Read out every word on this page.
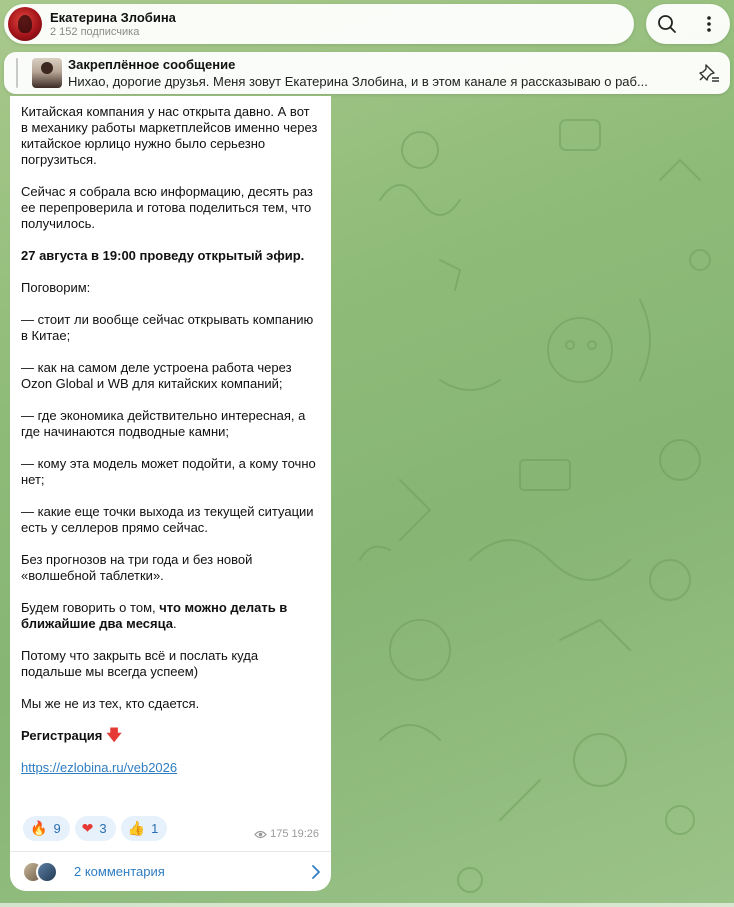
Екатерина Злобина
2 152 подписчика
Закреплённое сообщение
Нихао, дорогие друзья. Меня зовут Екатерина Злобина, и в этом канале я рассказываю о раб...

Китайская компания у нас открыта давно. А вот в механику работы маркетплейсов именно через китайское юрлицо нужно было серьезно погрузиться.

Сейчас я собрала всю информацию, десять раз ее перепроверила и готова поделиться тем, что получилось.

27 августа в 19:00 проведу открытый эфир.

Поговорим:

— стоит ли вообще сейчас открывать компанию в Китае;

— как на самом деле устроена работа через Ozon Global и WB для китайских компаний;

— где экономика действительно интересная, а где начинаются подводные камни;

— кому эта модель может подойти, а кому точно нет;

— какие еще точки выхода из текущей ситуации есть у селлеров прямо сейчас.

Без прогнозов на три года и без новой «волшебной таблетки».

Будем говорить о том, что можно делать в ближайшие два месяца.

Потому что закрыть всё и послать куда подальше мы всегда успеем)

Мы же не из тех, кто сдается.

Регистрация 🡇

https://ezlobina.ru/veb2026

🔥 9 ❤ 3 👍 1	175 19:26
2 комментария
